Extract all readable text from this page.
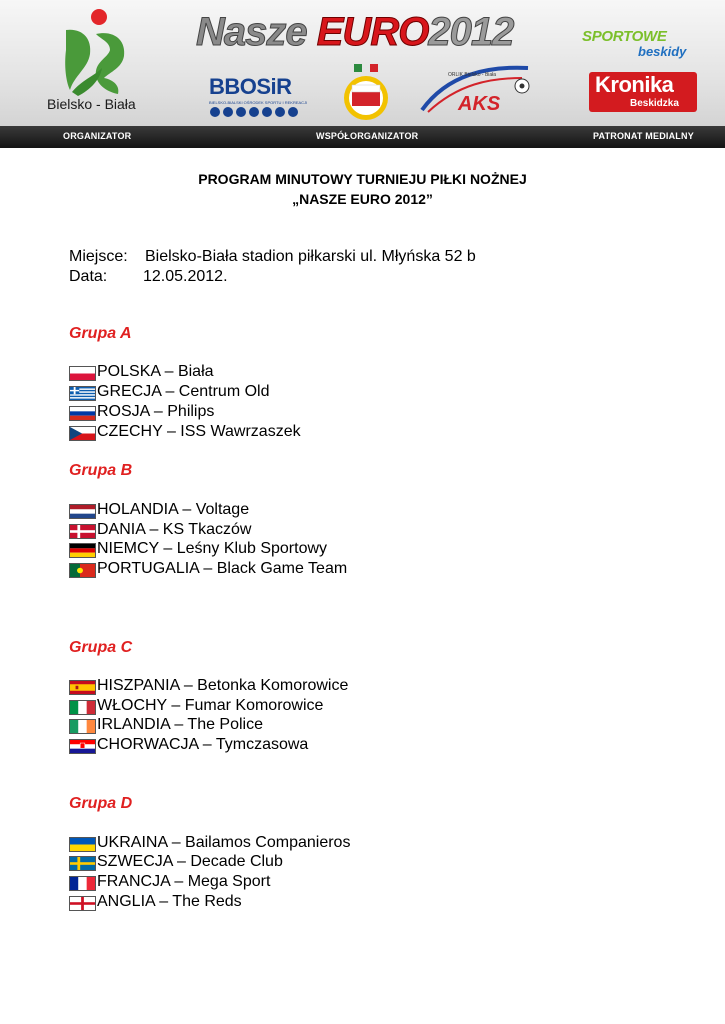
Bielsko - Biała
Nasze EURO2012
BBOSiR
BIELSKO-BIALSKI OŚRODEK SPORTU I REKREACJI	AKS
ORLIK Bielsko - Biała
SPORTOWE
beskidy
Kronika
Beskidzka
ORGANIZATOR	WSPÓŁORGANIZATOR	PATRONAT MEDIALNY
PROGRAM MINUTOWY TURNIEJU PIŁKI NOŻNEJ
„NASZE EURO 2012”
Miejsce: Bielsko-Biała stadion piłkarski ul. Młyńska 52 b
Data: 12.05.2012.
Grupa A
POLSKA – Biała
GRECJA – Centrum Old
ROSJA – Philips
CZECHY – ISS Wawrzaszek
Grupa B
HOLANDIA – Voltage
DANIA – KS Tkaczów
NIEMCY – Leśny Klub Sportowy
PORTUGALIA – Black Game Team
Grupa C
HISZPANIA – Betonka Komorowice
WŁOCHY – Fumar Komorowice
IRLANDIA – The Police
CHORWACJA – Tymczasowa
Grupa D
UKRAINA – Bailamos Companieros
SZWECJA – Decade Club
FRANCJA – Mega Sport
ANGLIA – The Reds
